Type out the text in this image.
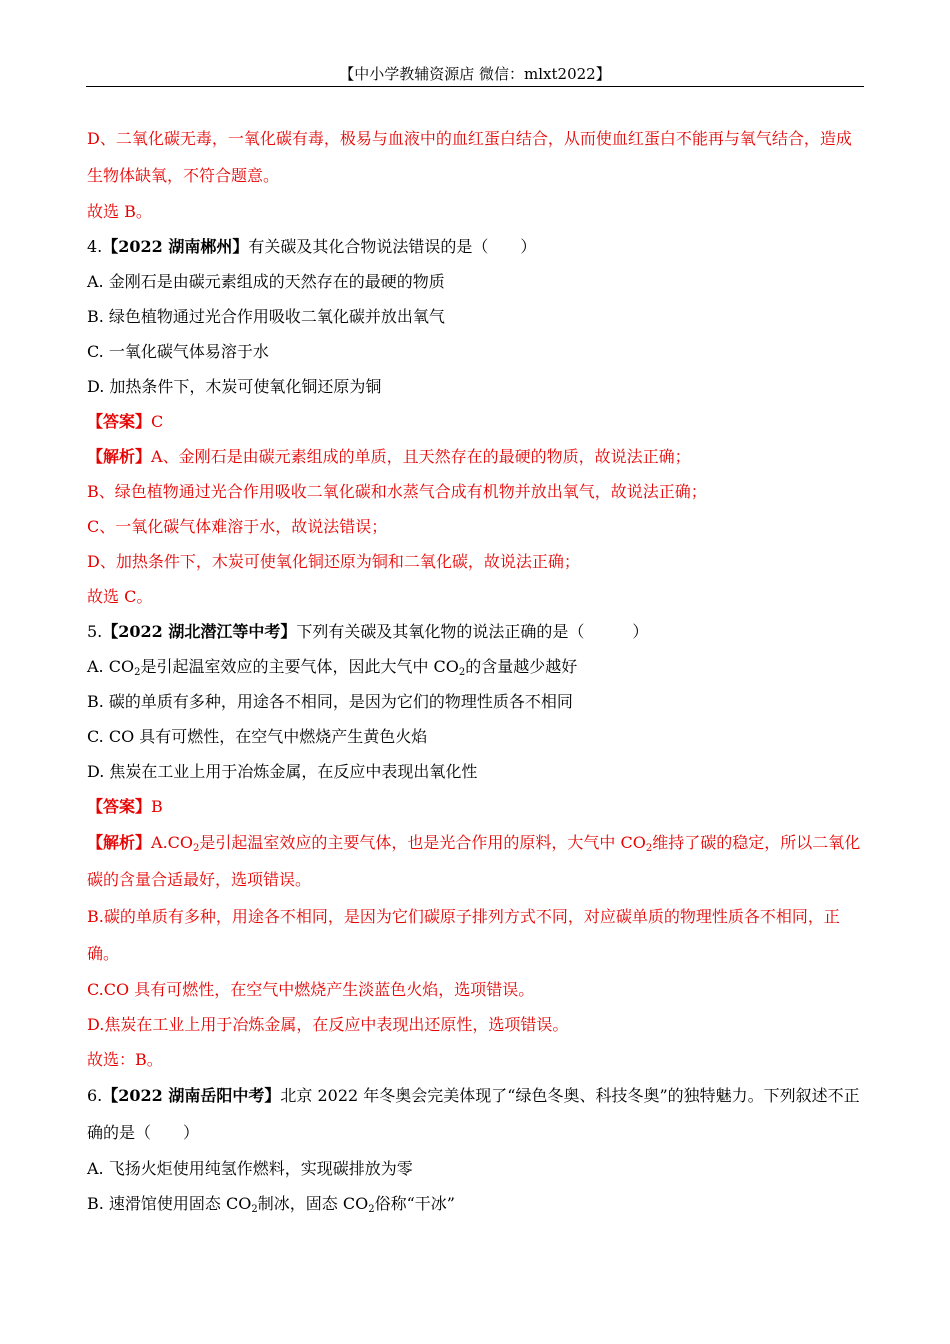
【中小学教辅资源店 微信：mlxt2022】
D、二氧化碳无毒，一氧化碳有毒，极易与血液中的血红蛋白结合，从而使血红蛋白不能再与氧气结合，造成生物体缺氧，不符合题意。
故选 B。
4.【2022 湖南郴州】有关碳及其化合物说法错误的是（　　）
A. 金刚石是由碳元素组成的天然存在的最硬的物质
B. 绿色植物通过光合作用吸收二氧化碳并放出氧气
C. 一氧化碳气体易溶于水
D. 加热条件下，木炭可使氧化铜还原为铜
【答案】C
【解析】A、金刚石是由碳元素组成的单质，且天然存在的最硬的物质，故说法正确；
B、绿色植物通过光合作用吸收二氧化碳和水蒸气合成有机物并放出氧气，故说法正确；
C、一氧化碳气体难溶于水，故说法错误；
D、加热条件下，木炭可使氧化铜还原为铜和二氧化碳，故说法正确；
故选 C。
5.【2022 湖北潜江等中考】下列有关碳及其氧化物的说法正确的是（　　　）
A. $CO_2$是引起温室效应的主要气体，因此大气中 $CO_2$的含量越少越好
B. 碳的单质有多种，用途各不相同，是因为它们的物理性质各不相同
C. CO 具有可燃性，在空气中燃烧产生黄色火焰
D. 焦炭在工业上用于冶炼金属，在反应中表现出氧化性
【答案】B
【解析】$A.CO_2$是引起温室效应的主要气体，也是光合作用的原料，大气中 $CO_2$维持了碳的稳定，所以二氧化碳的含量合适最好，选项错误。
B.碳的单质有多种，用途各不相同，是因为它们碳原子排列方式不同，对应碳单质的物理性质各不相同，正确。
C.CO 具有可燃性，在空气中燃烧产生淡蓝色火焰，选项错误。
D.焦炭在工业上用于冶炼金属，在反应中表现出还原性，选项错误。
故选：B。
6.【2022 湖南岳阳中考】北京 2022 年冬奥会完美体现了“绿色冬奥、科技冬奥”的独特魅力。下列叙述不正确的是（　　）
A. 飞扬火炬使用纯氢作燃料，实现碳排放为零
B. 速滑馆使用固态 $CO_2$制冰，固态 $CO_2$俗称“干冰”
